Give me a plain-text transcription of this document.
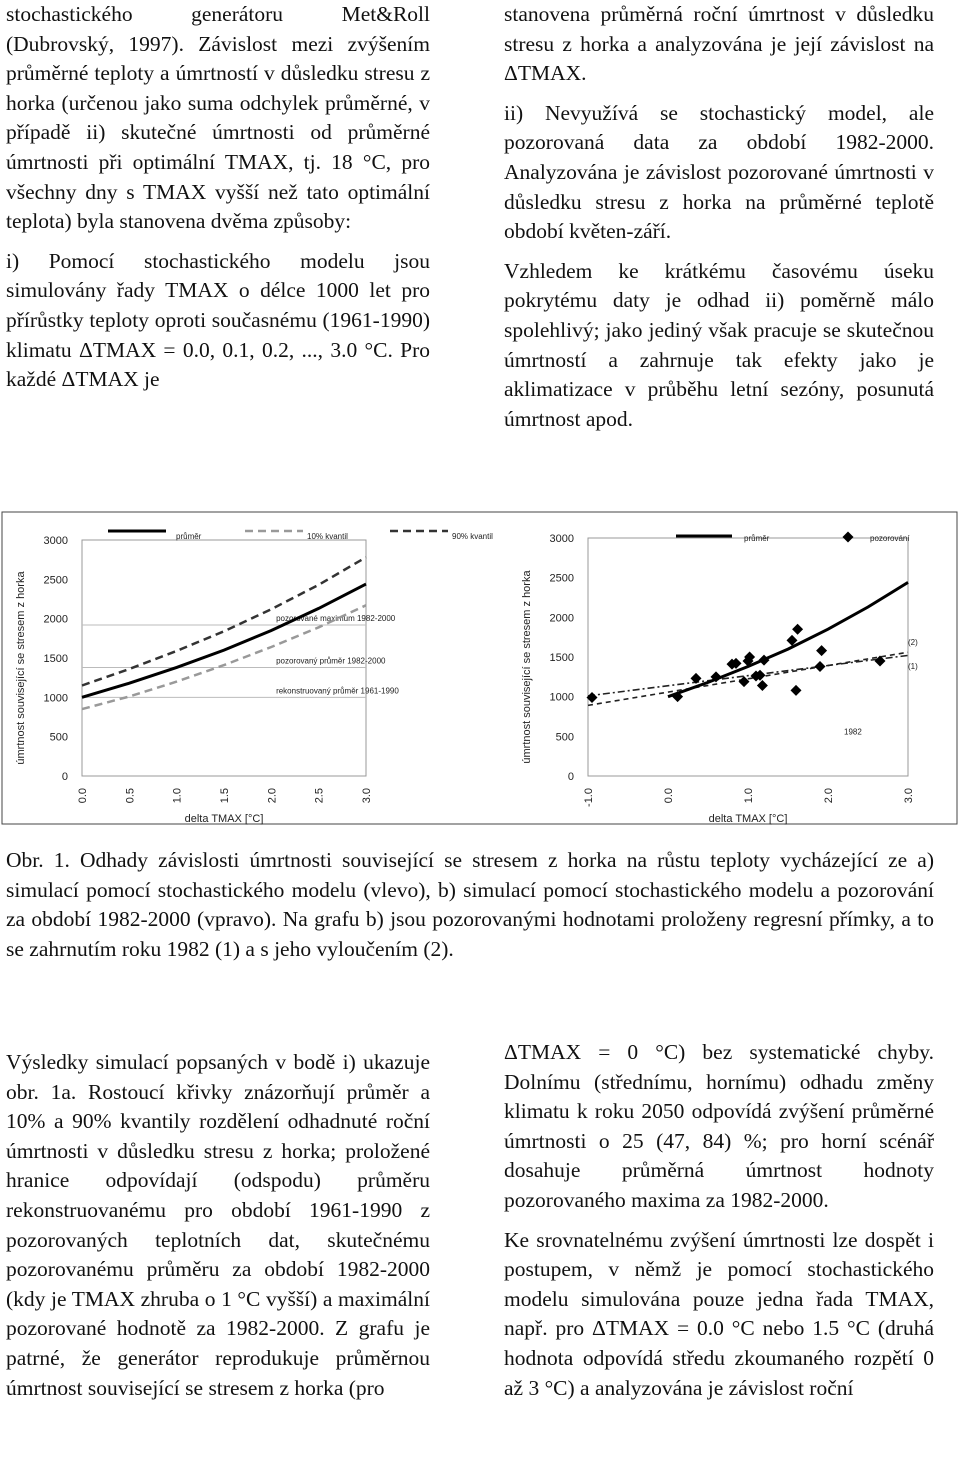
stochastického generátoru Met&Roll (Dubrovský, 1997). Závislost mezi zvýšením průměrné teploty a úmrtností v důsledku stresu z horka (určenou jako suma odchylek průměrné, v případě ii) skutečné úmrtnosti od průměrné úmrtnosti při optimální TMAX, tj. 18 °C, pro všechny dny s TMAX vyšší než tato optimální teplota) byla stanovena dvěma způsoby:

i) Pomocí stochastického modelu jsou simulovány řady TMAX o délce 1000 let pro přírůstky teploty oproti současnému (1961-1990) klimatu ΔTMAX = 0.0, 0.1, 0.2, ..., 3.0 °C. Pro každé ΔTMAX je

stanovena průměrná roční úmrtnost v důsledku stresu z horka a analyzována je její závislost na ΔTMAX.

ii) Nevyužívá se stochastický model, ale pozorovaná data za období 1982-2000. Analyzována je závislost pozorované úmrtnosti v důsledku stresu z horka na průměrné teplotě období květen-září.

Vzhledem ke krátkému časovému úseku pokrytému daty je odhad ii) poměrně málo spolehlivý; jako jediný však pracuje se skutečnou úmrtností a zahrnuje tak efekty jako je aklimatizace v průběhu letní sezóny, posunutá úmrtnost apod.

0
500
1000
1500
2000
2500
3000
0.0	0.5	1.0	1.5	2.0	2.5	3.0
delta TMAX [°C]
úmrtnost související se stresem z horka	pozorované maximum 1982-2000
pozorovaný průměr 1982-2000
rekonstruovaný průměr 1961-1990
průměr	10% kvantil	90% kvantil
0
500
1000
1500
2000
2500
3000
-1.0	0.0	1.0	2.0	3.0
delta TMAX [°C]
úmrtnost související se stresem z horka	(2)
(1)
1982
průměr	pozorování

Obr. 1. Odhady závislosti úmrtnosti související se stresem z horka na růstu teploty vycházející ze a) simulací pomocí stochastického modelu (vlevo), b) simulací pomocí stochastického modelu a pozorování za období 1982-2000 (vpravo). Na grafu b) jsou pozorovanými hodnotami proloženy regresní přímky, a to se zahrnutím roku 1982 (1) a s jeho vyloučením (2).

Výsledky simulací popsaných v bodě i) ukazuje obr. 1a. Rostoucí křivky znázorňují průměr a 10% a 90% kvantily rozdělení odhadnuté roční úmrtnosti v důsledku stresu z horka; proložené hranice odpovídají (odspodu) průměru rekonstruovanému pro období 1961-1990 z pozorovaných teplotních dat, skutečnému pozorovanému průměru za období 1982-2000 (kdy je TMAX zhruba o 1 °C vyšší) a maximální pozorované hodnotě za 1982-2000. Z grafu je patrné, že generátor reprodukuje průměrnou úmrtnost související se stresem z horka (pro

ΔTMAX = 0 °C) bez systematické chyby. Dolnímu (střednímu, hornímu) odhadu změny klimatu k roku 2050 odpovídá zvýšení průměrné úmrtnosti o 25 (47, 84) %; pro horní scénář dosahuje průměrná úmrtnost hodnoty pozorovaného maxima za 1982-2000.

Ke srovnatelnému zvýšení úmrtnosti lze dospět i postupem, v němž je pomocí stochastického modelu simulována pouze jedna řada TMAX, např. pro ΔTMAX = 0.0 °C nebo 1.5 °C (druhá hodnota odpovídá středu zkoumaného rozpětí 0 až 3 °C) a analyzována je závislost roční
